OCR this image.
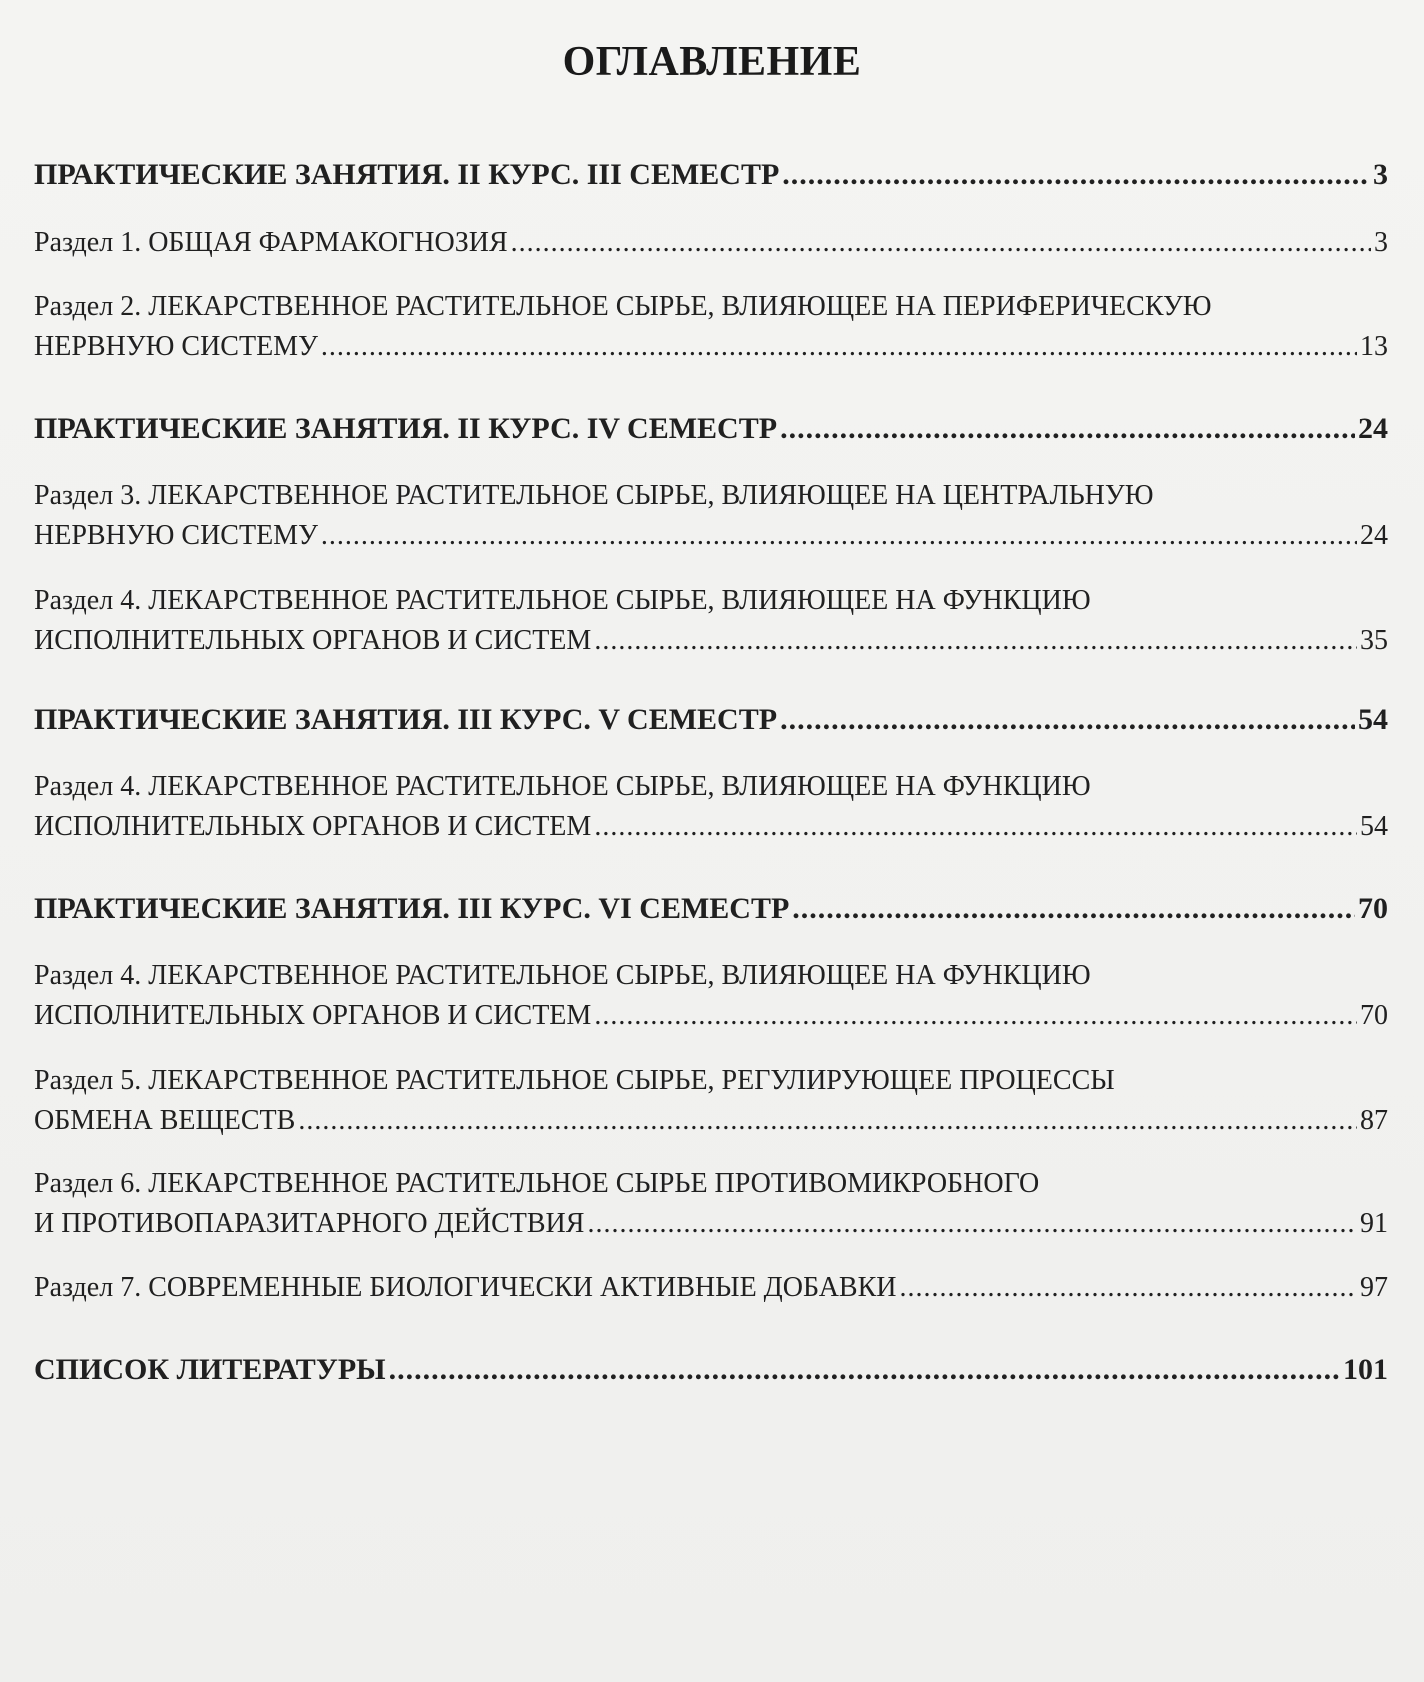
ОГЛАВЛЕНИЕ
ПРАКТИЧЕСКИЕ ЗАНЯТИЯ. II КУРС. III СЕМЕСТР .....	3
Раздел 1. ОБЩАЯ ФАРМАКОГНОЗИЯ .....	3
Раздел 2. ЛЕКАРСТВЕННОЕ РАСТИТЕЛЬНОЕ СЫРЬЕ, ВЛИЯЮЩЕЕ НА ПЕРИФЕРИЧЕСКУЮ
НЕРВНУЮ СИСТЕМУ .....	13
ПРАКТИЧЕСКИЕ ЗАНЯТИЯ. II КУРС. IV СЕМЕСТР .....	24
Раздел 3. ЛЕКАРСТВЕННОЕ РАСТИТЕЛЬНОЕ СЫРЬЕ, ВЛИЯЮЩЕЕ НА ЦЕНТРАЛЬНУЮ
НЕРВНУЮ СИСТЕМУ .....	24
Раздел 4. ЛЕКАРСТВЕННОЕ РАСТИТЕЛЬНОЕ СЫРЬЕ, ВЛИЯЮЩЕЕ НА ФУНКЦИЮ
ИСПОЛНИТЕЛЬНЫХ ОРГАНОВ И СИСТЕМ .....	35
ПРАКТИЧЕСКИЕ ЗАНЯТИЯ. III КУРС. V СЕМЕСТР .....	54
Раздел 4. ЛЕКАРСТВЕННОЕ РАСТИТЕЛЬНОЕ СЫРЬЕ, ВЛИЯЮЩЕЕ НА ФУНКЦИЮ
ИСПОЛНИТЕЛЬНЫХ ОРГАНОВ И СИСТЕМ .....	54
ПРАКТИЧЕСКИЕ ЗАНЯТИЯ. III КУРС. VI СЕМЕСТР .....	70
Раздел 4. ЛЕКАРСТВЕННОЕ РАСТИТЕЛЬНОЕ СЫРЬЕ, ВЛИЯЮЩЕЕ НА ФУНКЦИЮ
ИСПОЛНИТЕЛЬНЫХ ОРГАНОВ И СИСТЕМ .....	70
Раздел 5. ЛЕКАРСТВЕННОЕ РАСТИТЕЛЬНОЕ СЫРЬЕ, РЕГУЛИРУЮЩЕЕ ПРОЦЕССЫ
ОБМЕНА ВЕЩЕСТВ .....	87
Раздел 6. ЛЕКАРСТВЕННОЕ РАСТИТЕЛЬНОЕ СЫРЬЕ ПРОТИВОМИКРОБНОГО
И ПРОТИВОПАРАЗИТАРНОГО ДЕЙСТВИЯ .....	91
Раздел 7. СОВРЕМЕННЫЕ БИОЛОГИЧЕСКИ АКТИВНЫЕ ДОБАВКИ .....	97
СПИСОК ЛИТЕРАТУРЫ .....	101
